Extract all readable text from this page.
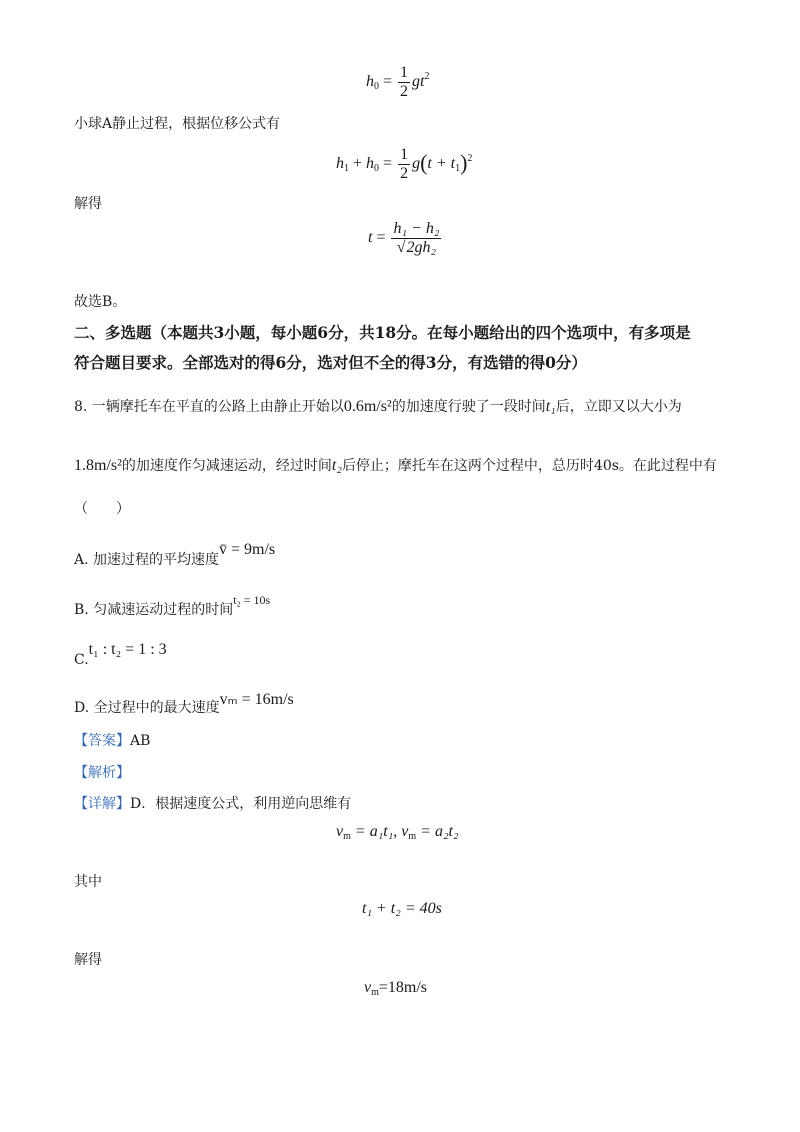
$h_0 = \frac{1}{2} gt^2$
小球A静止过程，根据位移公式有
$h_1 + h_0 = \frac{1}{2} g(t + t_1)^2$
解得
$t = \frac{\text{h₁ − h₂}}{\text{√2gh₂}}$
故选B。
二、多选题（本题共3小题，每小题6分，共18分。在每小题给出的四个选项中，有多项是
符合题目要求。全部选对的得6分，选对但不全的得3分，有选错的得0分）
8. 一辆摩托车在平直的公路上由静止开始以0.6m/s²的加速度行驶了一段时间t₁后，立即又以大小为
1.8m/s²的加速度作匀减速运动，经过时间t₂后停止；摩托车在这两个过程中，总历时40s。在此过程中有
（　　）
A. 加速过程的平均速度v̄ = 9m/s
B. 匀减速运动过程的时间t₂ = 10s
C.t₁ : t₂ = 1 : 3
D. 全过程中的最大速度vₘ = 16m/s
【答案】AB
【解析】
【详解】D．根据速度公式，利用逆向思维有
$v_m = a_1t_1$, $v_m = a_2t_2$
其中
t₁ + t₂ = 40s
解得
$v_m=18m/s$
